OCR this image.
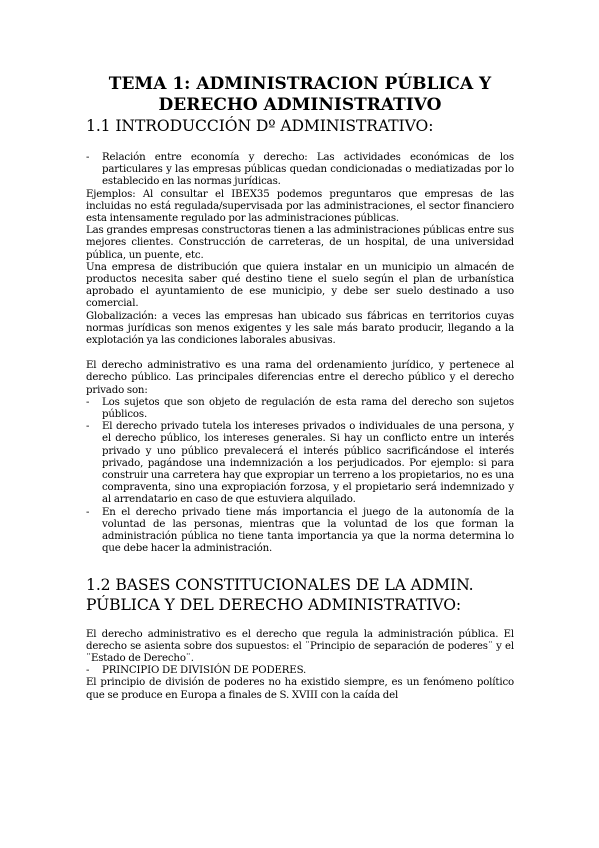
TEMA 1: ADMINISTRACION PÚBLICA Y
DERECHO ADMINISTRATIVO
1.1 INTRODUCCIÓN Dº ADMINISTRATIVO:

- Relación entre economía y derecho: Las actividades económicas de los particulares y las empresas públicas quedan condicionadas o mediatizadas por lo establecido en las normas jurídicas.

Ejemplos: Al consultar el IBEX35 podemos preguntaros que empresas de las incluidas no está regulada/supervisada por las administraciones, el sector financiero esta intensamente regulado por las administraciones públicas.

Las grandes empresas constructoras tienen a las administraciones públicas entre sus mejores clientes. Construcción de carreteras, de un hospital, de una universidad pública, un puente, etc.

Una empresa de distribución que quiera instalar en un municipio un almacén de productos necesita saber qué destino tiene el suelo según el plan de urbanística aprobado el ayuntamiento de ese municipio, y debe ser suelo destinado a uso comercial.

Globalización: a veces las empresas han ubicado sus fábricas en territorios cuyas normas jurídicas son menos exigentes y les sale más barato producir, llegando a la explotación ya las condiciones laborales abusivas.

El derecho administrativo es una rama del ordenamiento jurídico, y pertenece al derecho público. Las principales diferencias entre el derecho público y el derecho privado son:

- Los sujetos que son objeto de regulación de esta rama del derecho son sujetos públicos.

- El derecho privado tutela los intereses privados o individuales de una persona, y el derecho público, los intereses generales. Si hay un conflicto entre un interés privado y uno público prevalecerá el interés público sacrificándose el interés privado, pagándose una indemnización a los perjudicados. Por ejemplo: si para construir una carretera hay que expropiar un terreno a los propietarios, no es una compraventa, sino una expropiación forzosa, y el propietario será indemnizado y al arrendatario en caso de que estuviera alquilado.

- En el derecho privado tiene más importancia el juego de la autonomía de la voluntad de las personas, mientras que la voluntad de los que forman la administración pública no tiene tanta importancia ya que la norma determina lo que debe hacer la administración.

1.2 BASES CONSTITUCIONALES DE LA ADMIN.
PÚBLICA Y DEL DERECHO ADMINISTRATIVO:

El derecho administrativo es el derecho que regula la administración pública. El derecho se asienta sobre dos supuestos: el ¨Principio de separación de poderes¨ y el ¨Estado de Derecho¨.

- PRINCIPIO DE DIVISIÓN DE PODERES.

El principio de división de poderes no ha existido siempre, es un fenómeno político que se produce en Europa a finales de S. XVIII con la caída del
